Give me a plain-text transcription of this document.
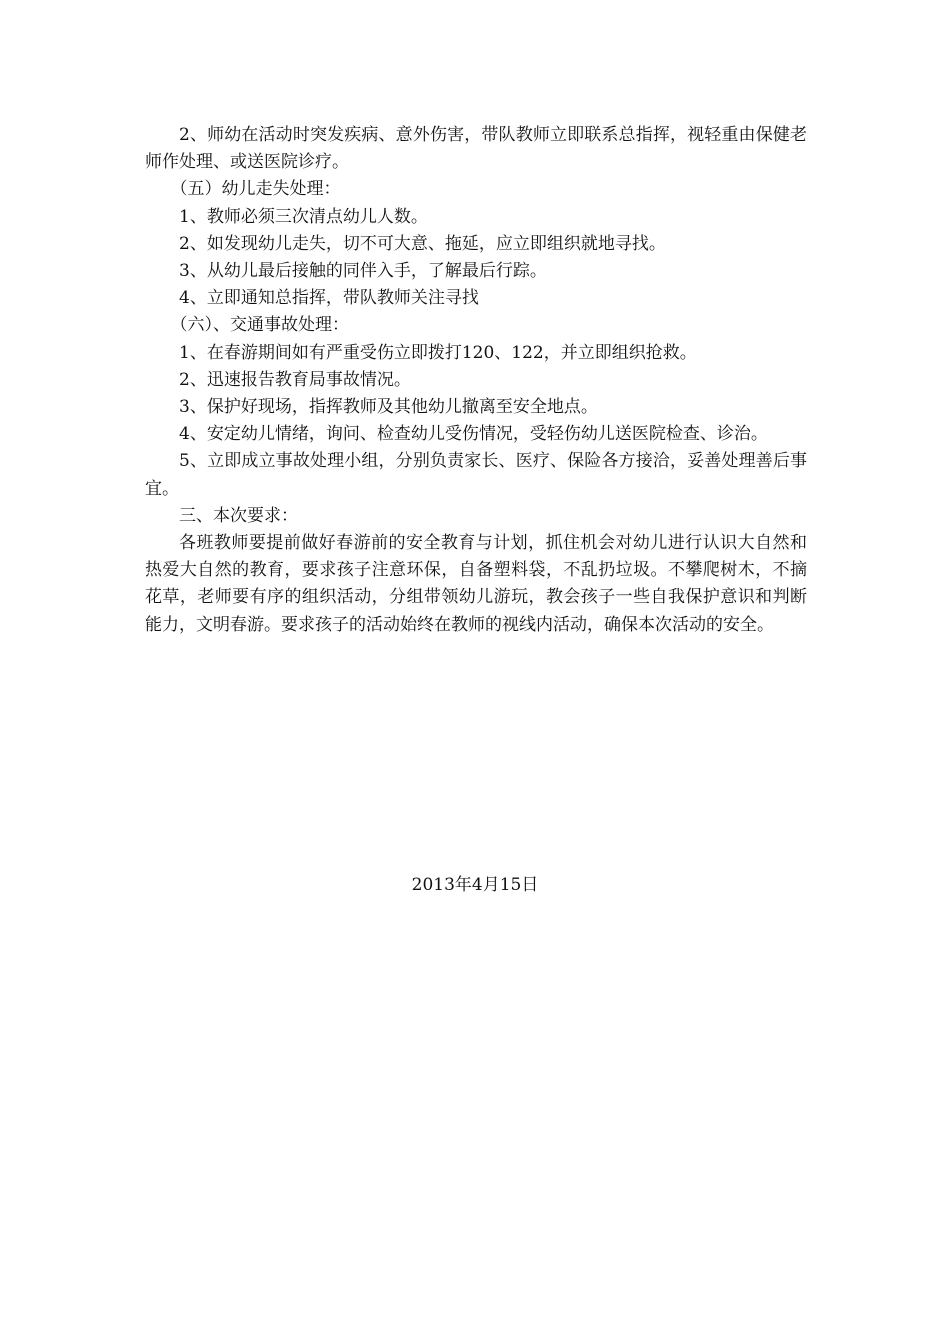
2、师幼在活动时突发疾病、意外伤害，带队教师立即联系总指挥，视轻重由保健老师作处理、或送医院诊疗。

（五）幼儿走失处理：

1、教师必须三次清点幼儿人数。

2、如发现幼儿走失，切不可大意、拖延，应立即组织就地寻找。

3、从幼儿最后接触的同伴入手，了解最后行踪。

4、立即通知总指挥，带队教师关注寻找

（六）、交通事故处理：

1、在春游期间如有严重受伤立即拨打120、122，并立即组织抢救。

2、迅速报告教育局事故情况。

3、保护好现场，指挥教师及其他幼儿撤离至安全地点。

4、安定幼儿情绪，询问、检查幼儿受伤情况，受轻伤幼儿送医院检查、诊治。

5、立即成立事故处理小组，分别负责家长、医疗、保险各方接洽，妥善处理善后事宜。

三、本次要求：

各班教师要提前做好春游前的安全教育与计划，抓住机会对幼儿进行认识大自然和热爱大自然的教育，要求孩子注意环保，自备塑料袋，不乱扔垃圾。不攀爬树木，不摘花草，老师要有序的组织活动，分组带领幼儿游玩，教会孩子一些自我保护意识和判断能力，文明春游。要求孩子的活动始终在教师的视线内活动，确保本次活动的安全。

2013年4月15日
